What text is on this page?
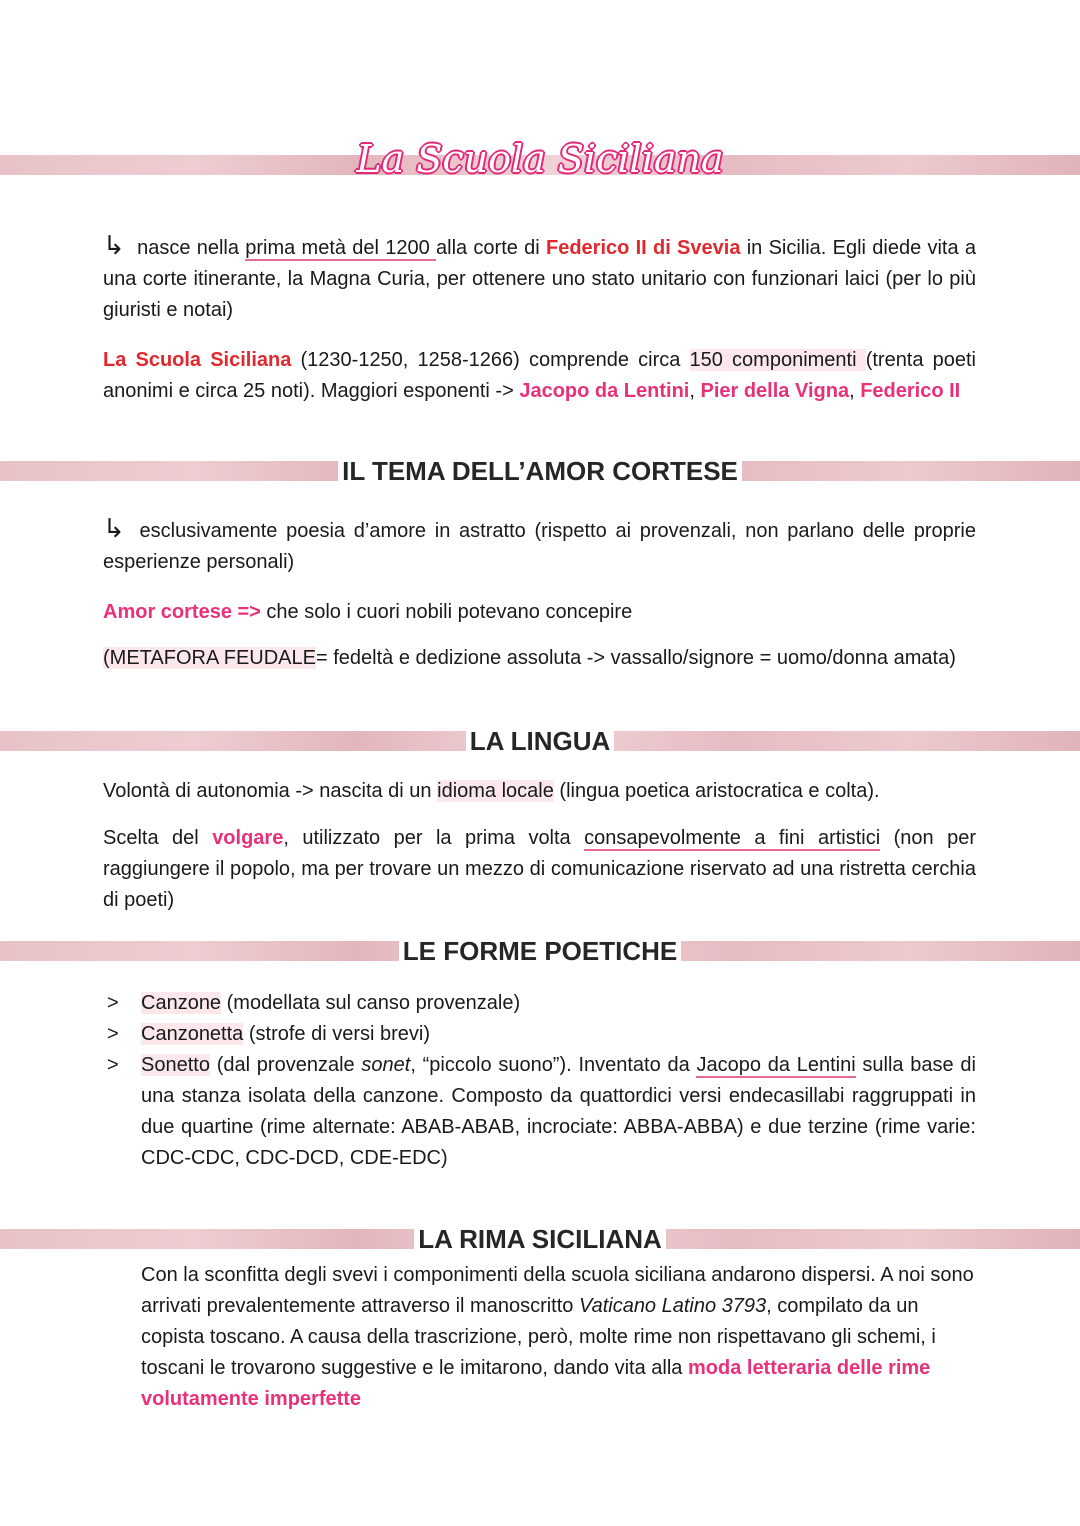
La Scuola Siciliana
↳ nasce nella prima metà del 1200 alla corte di Federico II di Svevia in Sicilia. Egli diede vita a una corte itinerante, la Magna Curia, per ottenere uno stato unitario con funzionari laici (per lo più giuristi e notai)
La Scuola Siciliana (1230-1250, 1258-1266) comprende circa 150 componimenti (trenta poeti anonimi e circa 25 noti). Maggiori esponenti -> Jacopo da Lentini, Pier della Vigna, Federico II
IL TEMA DELL’AMOR CORTESE
↳ esclusivamente poesia d’amore in astratto (rispetto ai provenzali, non parlano delle proprie esperienze personali)
Amor cortese => che solo i cuori nobili potevano concepire
(METAFORA FEUDALE= fedeltà e dedizione assoluta -> vassallo/signore = uomo/donna amata)
LA LINGUA
Volontà di autonomia -> nascita di un idioma locale (lingua poetica aristocratica e colta).
Scelta del volgare, utilizzato per la prima volta consapevolmente a fini artistici (non per raggiungere il popolo, ma per trovare un mezzo di comunicazione riservato ad una ristretta cerchia di poeti)
LE FORME POETICHE
> Canzone (modellata sul canso provenzale)
> Canzonetta (strofe di versi brevi)
> Sonetto (dal provenzale sonet, “piccolo suono”). Inventato da Jacopo da Lentini sulla base di una stanza isolata della canzone. Composto da quattordici versi endecasillabi raggruppati in due quartine (rime alternate: ABAB-ABAB, incrociate: ABBA-ABBA) e due terzine (rime varie: CDC-CDC, CDC-DCD, CDE-EDC)
LA RIMA SICILIANA
Con la sconfitta degli svevi i componimenti della scuola siciliana andarono dispersi. A noi sono arrivati prevalentemente attraverso il manoscritto Vaticano Latino 3793, compilato da un copista toscano. A causa della trascrizione, però, molte rime non rispettavano gli schemi, i toscani le trovarono suggestive e le imitarono, dando vita alla moda letteraria delle rime volutamente imperfette
